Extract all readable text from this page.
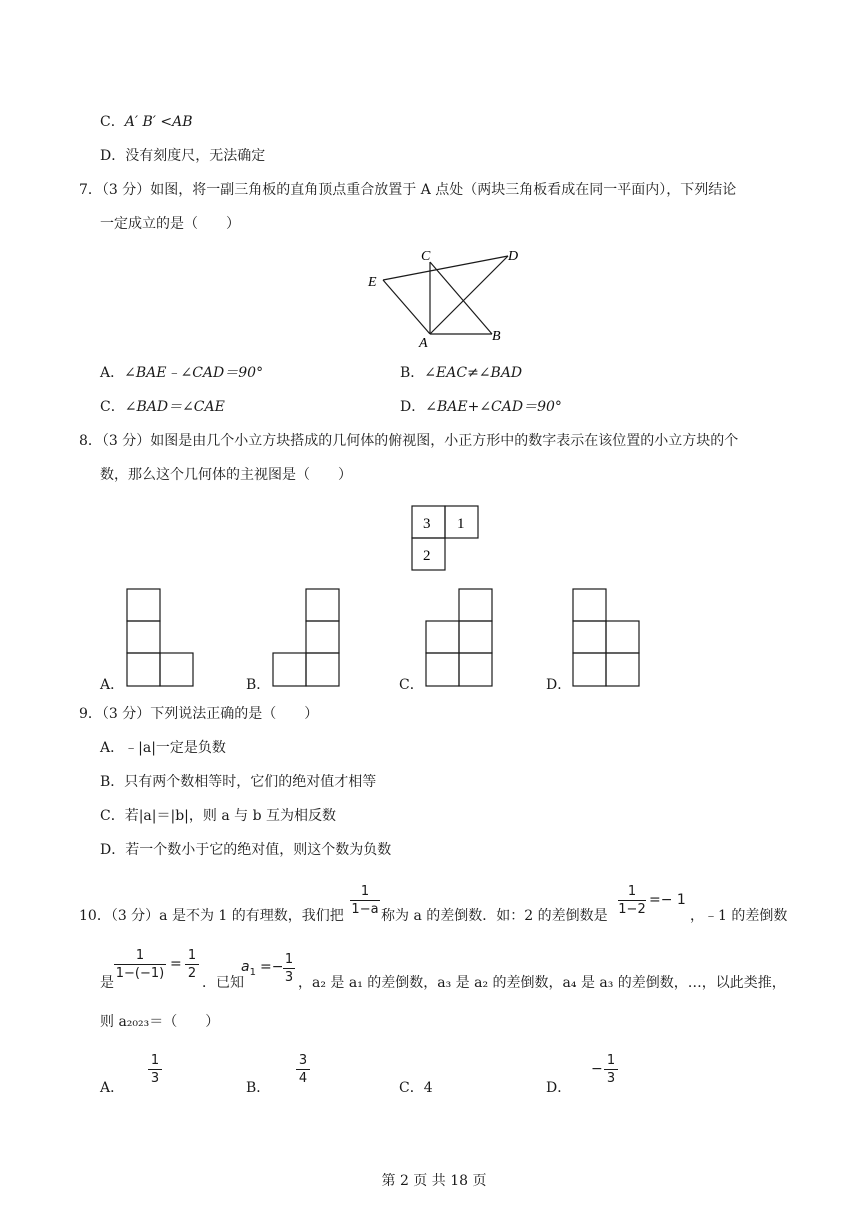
C．A′ B′ <AB
D．没有刻度尺，无法确定
7．（3 分）如图，将一副三角板的直角顶点重合放置于 A 点处（两块三角板看成在同一平面内），下列结论
一定成立的是（　　）
C	D
E
A	B
A．∠BAE﹣∠CAD＝90°	B．∠EAC≠∠BAD
C．∠BAD＝∠CAE	D．∠BAE+∠CAD＝90°
8．（3 分）如图是由几个小立方块搭成的几何体的俯视图，小正方形中的数字表示在该位置的小立方块的个
数，那么这个几何体的主视图是（　　）
3 1
2
A．	B．	C．	D．
9．（3 分）下列说法正确的是（　　）
A．﹣|a|一定是负数
B．只有两个数相等时，它们的绝对值才相等
C．若|a|＝|b|，则 a 与 b 互为相反数
D．若一个数小于它的绝对值，则这个数为负数
10．（3 分）a 是不为 1 的有理数，我们把
1
1−a 称为 a 的差倒数．如：2 的差倒数是
1
1−2
=− 1
，﹣1 的差倒数
是
1
1−(−1)
=
1
2
．已知
$a_1 =- 1$
3 ，a₂ 是 a₁ 的差倒数，a₃ 是 a₂ 的差倒数，a₄ 是 a₃ 的差倒数，…，以此类推，
则 a₂₀₂₃＝（　　）
A．
1
3
B．
3
4
C．4	D．
−
1
3
第 2 页 共 18 页
